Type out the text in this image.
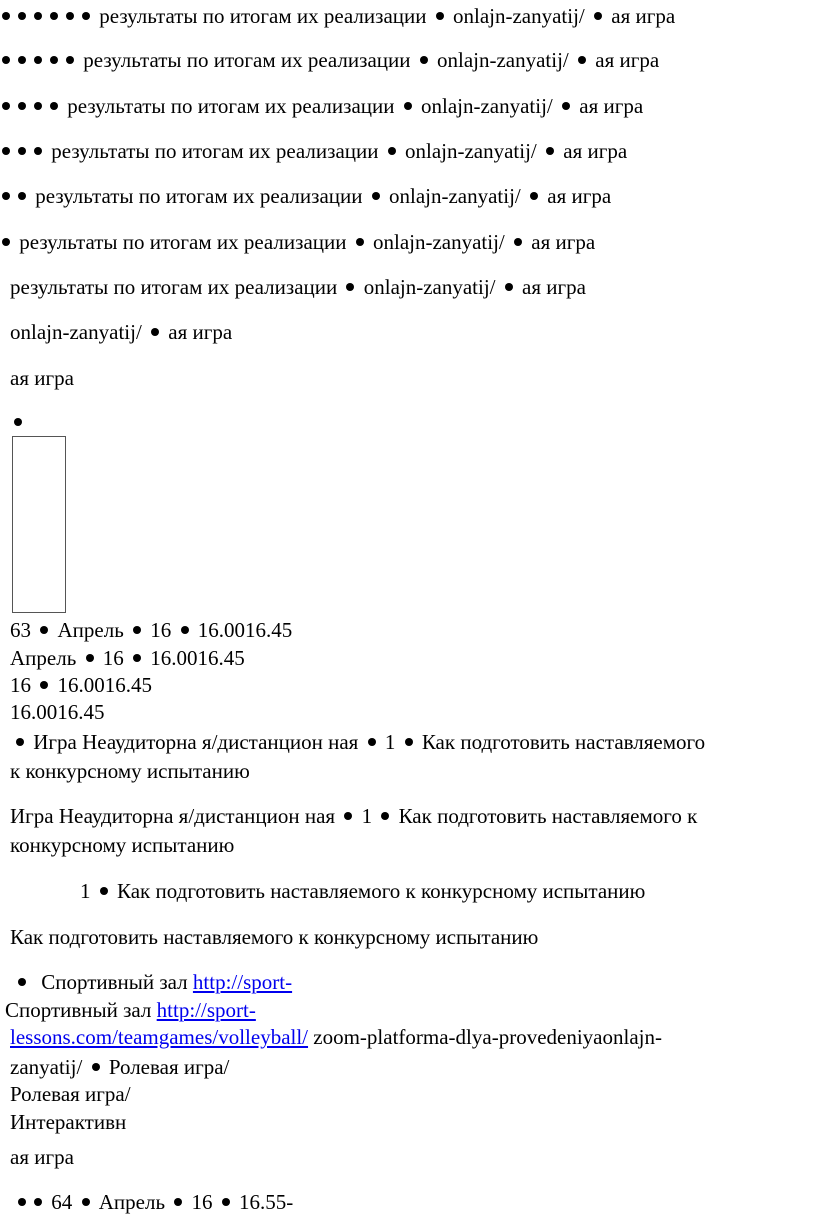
результаты по итогам их реализации onlajn-zanyatij/ ая игра
результаты по итогам их реализации onlajn-zanyatij/ ая игра
результаты по итогам их реализации onlajn-zanyatij/ ая игра
результаты по итогам их реализации onlajn-zanyatij/ ая игра
результаты по итогам их реализации onlajn-zanyatij/ ая игра
результаты по итогам их реализации onlajn-zanyatij/ ая игра
результаты по итогам их реализации onlajn-zanyatij/ ая игра
onlajn-zanyatij/ ая игра
ая игра
63 Апрель 16 16.0016.45
Апрель 16 16.0016.45
16 16.0016.45
16.0016.45
Игра Неаудиторна я/дистанцион ная 1 Как подготовить наставляемого
к конкурсному испытанию
Игра Неаудиторна я/дистанцион ная 1 Как подготовить наставляемого к
конкурсному испытанию
1 Как подготовить наставляемого к конкурсному испытанию
Как подготовить наставляемого к конкурсному испытанию
Спортивный зал http://sport-
Спортивный зал http://sport-
lessons.com/teamgames/volleyball/ zoom-platforma-dlya-provedeniyaonlajn-
zanyatij/ Ролевая игра/
Ролевая игра/
Интерактивн
ая игра
64 Апрель 16 16.55-
